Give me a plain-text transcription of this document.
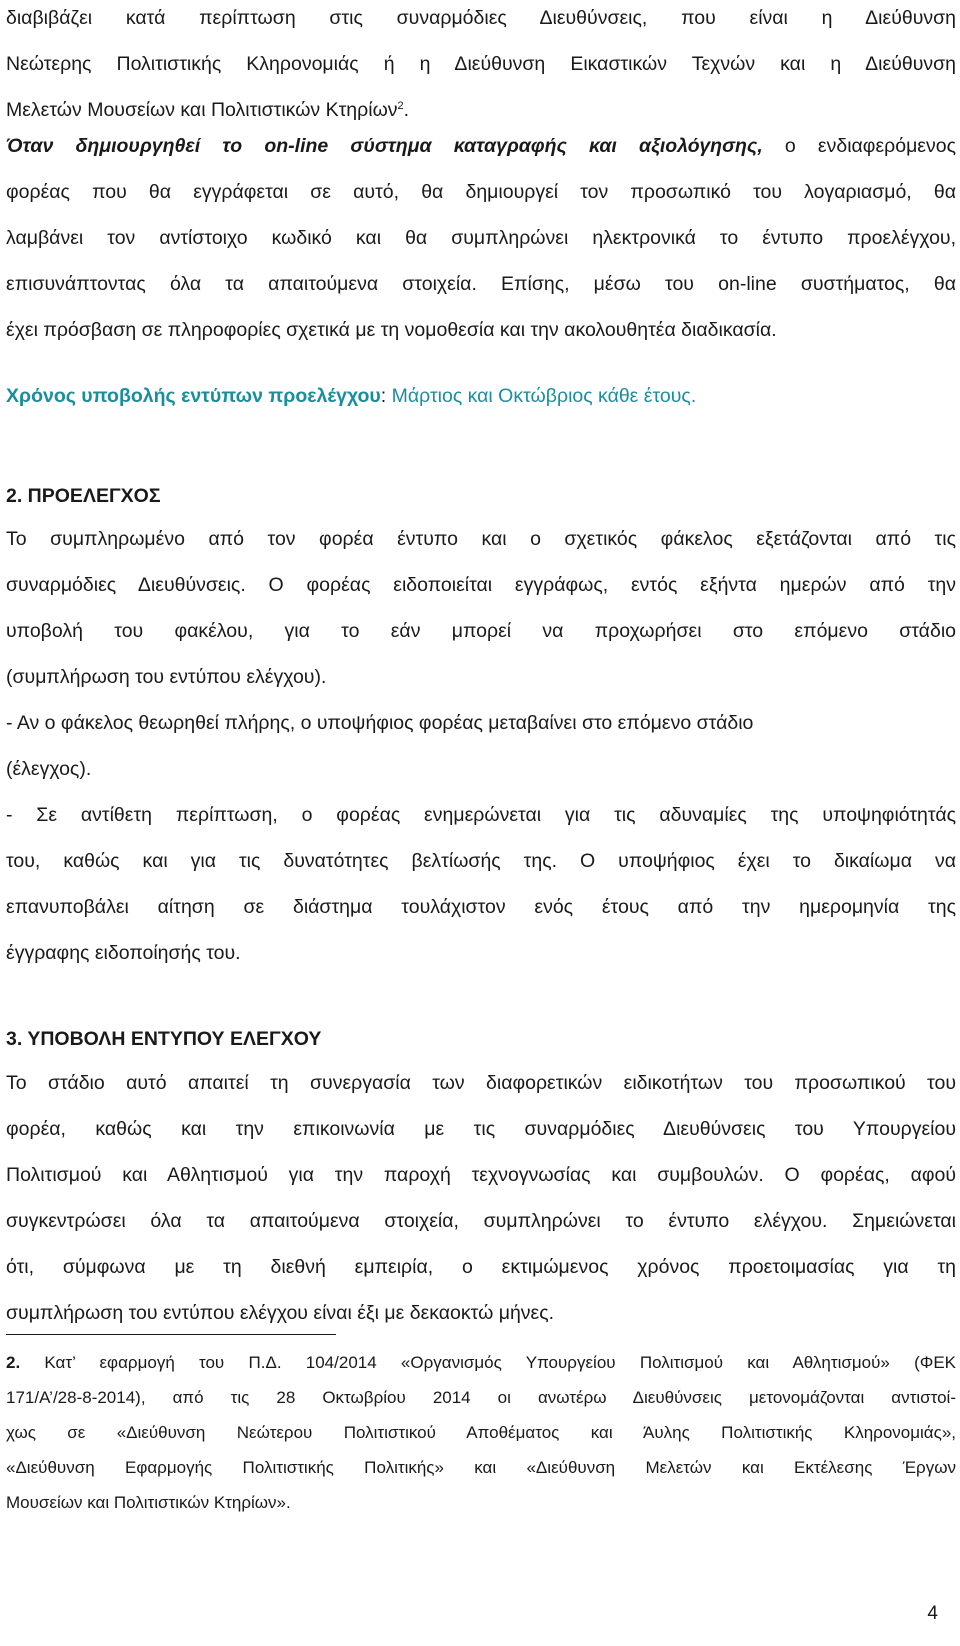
διαβιβάζει κατά περίπτωση στις συναρμόδιες Διευθύνσεις, που είναι η Διεύθυνση
Νεώτερης Πολιτιστικής Κληρονομιάς ή η Διεύθυνση Εικαστικών Τεχνών και η Διεύθυνση
Μελετών Μουσείων και Πολιτιστικών Κτηρίων$^2$.
Όταν δημιουργηθεί το on-line σύστημα καταγραφής και αξιολόγησης, ο ενδιαφερόμενος
φορέας που θα εγγράφεται σε αυτό, θα δημιουργεί τον προσωπικό του λογαριασμό, θα
λαμβάνει τον αντίστοιχο κωδικό και θα συμπληρώνει ηλεκτρονικά το έντυπο προελέγχου,
επισυνάπτοντας όλα τα απαιτούμενα στοιχεία. Επίσης, μέσω του on-line συστήματος, θα
έχει πρόσβαση σε πληροφορίες σχετικά με τη νομοθεσία και την ακολουθητέα διαδικασία.
Χρόνος υποβολής εντύπων προελέγχου: Μάρτιος και Οκτώβριος κάθε έτους.

2. ΠΡΟΕΛΕΓΧΟΣ

Το συμπληρωμένο από τον φορέα έντυπο και ο σχετικός φάκελος εξετάζονται από τις
συναρμόδιες Διευθύνσεις. Ο φορέας ειδοποιείται εγγράφως, εντός εξήντα ημερών από την
υποβολή του φακέλου, για το εάν μπορεί να προχωρήσει στο επόμενο στάδιο
(συμπλήρωση του εντύπου ελέγχου).
- Αν ο φάκελος θεωρηθεί πλήρης, ο υποψήφιος φορέας μεταβαίνει στο επόμενο στάδιο
(έλεγχος).
- Σε αντίθετη περίπτωση, ο φορέας ενημερώνεται για τις αδυναμίες της υποψηφιότητάς
του, καθώς και για τις δυνατότητες βελτίωσής της. Ο υποψήφιος έχει το δικαίωμα να
επανυποβάλει αίτηση σε διάστημα τουλάχιστον ενός έτους από την ημερομηνία της
έγγραφης ειδοποίησής του.

3. ΥΠΟΒΟΛΗ ΕΝΤΥΠΟΥ ΕΛΕΓΧΟΥ

Το στάδιο αυτό απαιτεί τη συνεργασία των διαφορετικών ειδικοτήτων του προσωπικού του
φορέα, καθώς και την επικοινωνία με τις συναρμόδιες Διευθύνσεις του Υπουργείου
Πολιτισμού και Αθλητισμού για την παροχή τεχνογνωσίας και συμβουλών. Ο φορέας, αφού
συγκεντρώσει όλα τα απαιτούμενα στοιχεία, συμπληρώνει το έντυπο ελέγχου. Σημειώνεται
ότι, σύμφωνα με τη διεθνή εμπειρία, ο εκτιμώμενος χρόνος προετοιμασίας για τη
συμπλήρωση του εντύπου ελέγχου είναι έξι με δεκαοκτώ μήνες.
2. Κατ’ εφαρμογή του Π.Δ. 104/2014 «Οργανισμός Υπουργείου Πολιτισμού και Αθλητισμού» (ΦΕΚ
171/Α’/28-8-2014), από τις 28 Οκτωβρίου 2014 οι ανωτέρω Διευθύνσεις μετονομάζονται αντιστοί-
χως σε «Διεύθυνση Νεώτερου Πολιτιστικού Αποθέματος και Άυλης Πολιτιστικής Κληρονομιάς»,
«Διεύθυνση Εφαρμογής Πολιτιστικής Πολιτικής» και «Διεύθυνση Μελετών και Εκτέλεσης Έργων
Μουσείων και Πολιτιστικών Κτηρίων».
4
